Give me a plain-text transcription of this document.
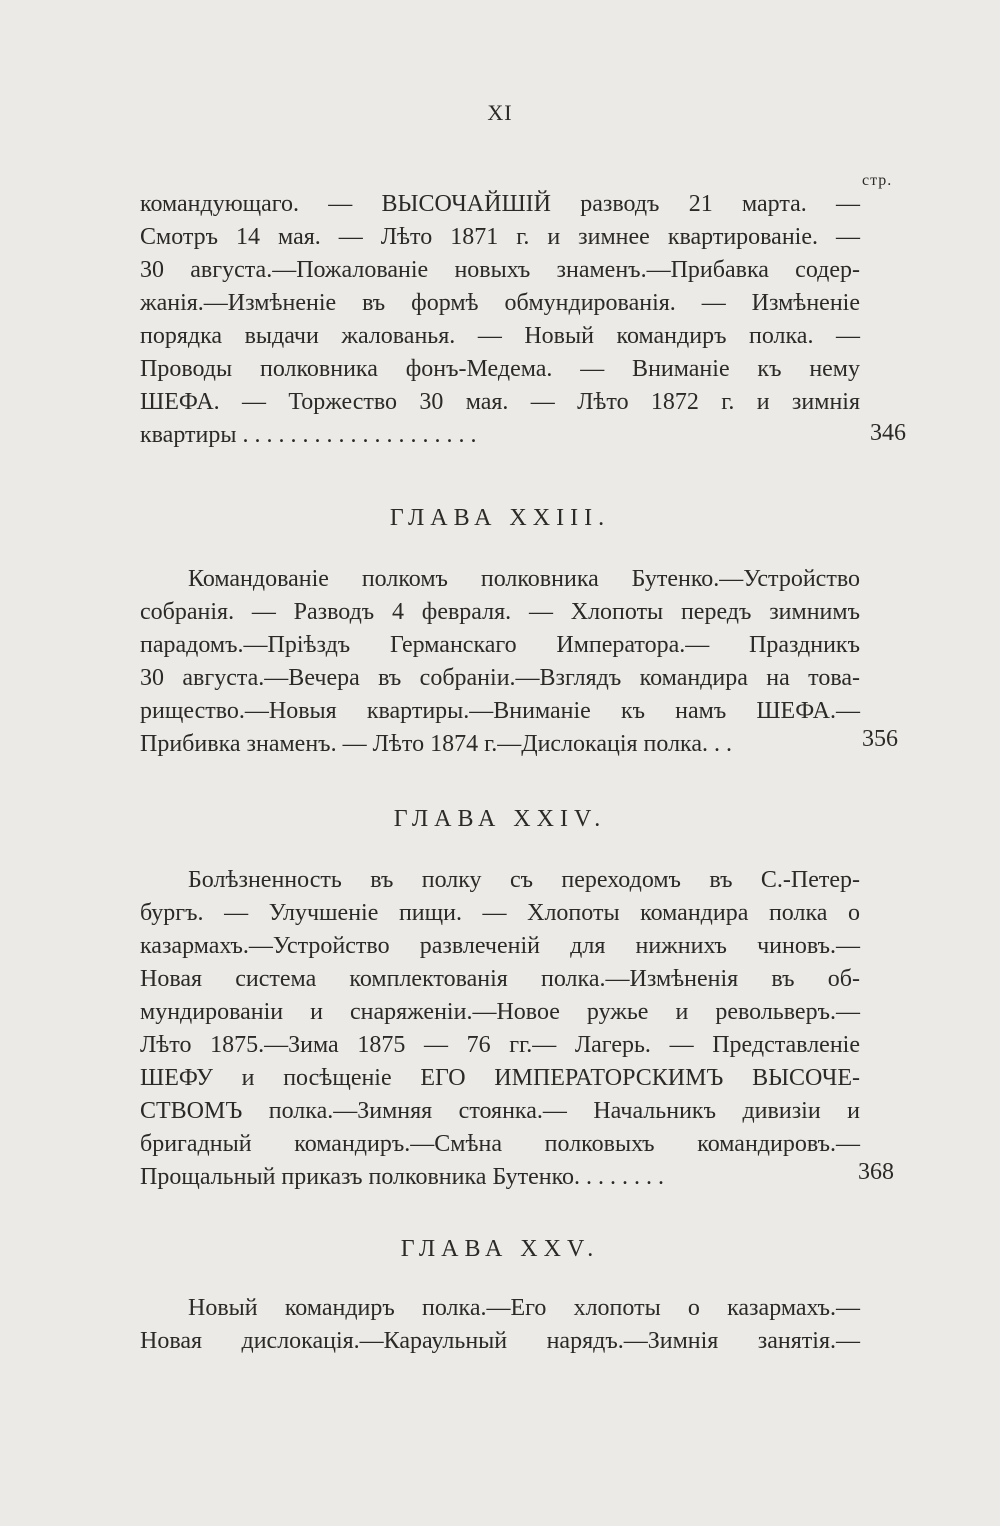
XI
стр.
командующаго. — ВЫСОЧАЙШІЙ разводъ 21 марта. —
Смотръ 14 мая. — Лѣто 1871 г. и зимнее квартированіе. —
30 августа.—Пожалованіе новыхъ знаменъ.—Прибавка содер-
жанія.—Измѣненіе въ формѣ обмундированія. — Измѣненіе
порядка выдачи жалованья. — Новый командиръ полка. —
Проводы полковника фонъ-Медема. — Вниманіе къ нему
ШЕФА. — Торжество 30 мая. — Лѣто 1872 г. и зимнія
квартиры . . . . . . . . . . . . . . . . . . . .	346
ГЛАВА XXIII.
Командованіе полкомъ полковника Бутенко.—Устройство
собранія. — Разводъ 4 февраля. — Хлопоты передъ зимнимъ
парадомъ.—Пріѣздъ Германскаго Императора.— Праздникъ
30 августа.—Вечера въ собраніи.—Взглядъ командира на това-
рищество.—Новыя квартиры.—Вниманіе къ намъ ШЕФА.—
Прибивка знаменъ. — Лѣто 1874 г.—Дислокація полка. . .	356
ГЛАВА XXIV.
Болѣзненность въ полку съ переходомъ въ С.-Петер-
бургъ. — Улучшеніе пищи. — Хлопоты командира полка о
казармахъ.—Устройство развлеченій для нижнихъ чиновъ.—
Новая система комплектованія полка.—Измѣненія въ об-
мундированіи и снаряженіи.—Новое ружье и револьверъ.—
Лѣто 1875.—Зима 1875 — 76 гг.— Лагерь. — Представленіе
ШЕФУ и посѣщеніе ЕГО ИМПЕРАТОРСКИМЪ ВЫСОЧЕ-
СТВОМЪ полка.—Зимняя стоянка.— Начальникъ дивизіи и
бригадный командиръ.—Смѣна полковыхъ командировъ.—
Прощальный приказъ полковника Бутенко. . . . . . . .	368
ГЛАВА XXV.
Новый командиръ полка.—Его хлопоты о казармахъ.—
Новая дислокація.—Караульный нарядъ.—Зимнія занятія.—
